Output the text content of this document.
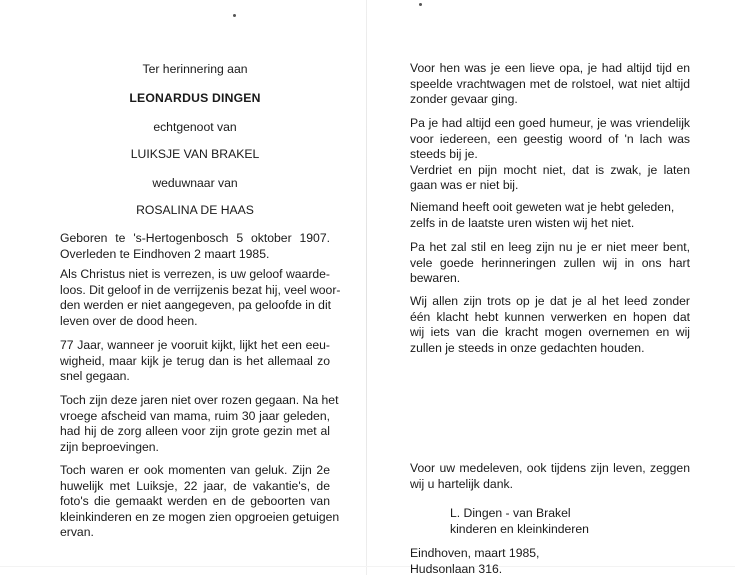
Ter herinnering aan
LEONARDUS DINGEN
echtgenoot van
LUIKSJE VAN BRAKEL
weduwnaar van
ROSALINA DE HAAS
Geboren te 's-Hertogenbosch 5 oktober 1907.
Overleden te Eindhoven 2 maart 1985.
Als Christus niet is verrezen, is uw geloof waarde-
loos. Dit geloof in de verrijzenis bezat hij, veel woor-
den werden er niet aangegeven, pa geloofde in dit
leven over de dood heen.
77 Jaar, wanneer je vooruit kijkt, lijkt het een eeu-
wigheid, maar kijk je terug dan is het allemaal zo
snel gegaan.
Toch zijn deze jaren niet over rozen gegaan. Na het
vroege afscheid van mama, ruim 30 jaar geleden,
had hij de zorg alleen voor zijn grote gezin met al
zijn beproevingen.
Toch waren er ook momenten van geluk. Zijn 2e
huwelijk met Luiksje, 22 jaar, de vakantie's, de
foto's die gemaakt werden en de geboorten van
kleinkinderen en ze mogen zien opgroeien getuigen
ervan.
Voor hen was je een lieve opa, je had altijd tijd en
speelde vrachtwagen met de rolstoel, wat niet altijd
zonder gevaar ging.
Pa je had altijd een goed humeur, je was vriendelijk
voor iedereen, een geestig woord of 'n lach was
steeds bij je.
Verdriet en pijn mocht niet, dat is zwak, je laten
gaan was er niet bij.
Niemand heeft ooit geweten wat je hebt geleden,
zelfs in de laatste uren wisten wij het niet.
Pa het zal stil en leeg zijn nu je er niet meer bent,
vele goede herinneringen zullen wij in ons hart
bewaren.
Wij allen zijn trots op je dat je al het leed zonder
één klacht hebt kunnen verwerken en hopen dat
wij iets van die kracht mogen overnemen en wij
zullen je steeds in onze gedachten houden.
Voor uw medeleven, ook tijdens zijn leven, zeggen
wij u hartelijk dank.
L. Dingen - van Brakel
kinderen en kleinkinderen
Eindhoven, maart 1985,
Hudsonlaan 316.
